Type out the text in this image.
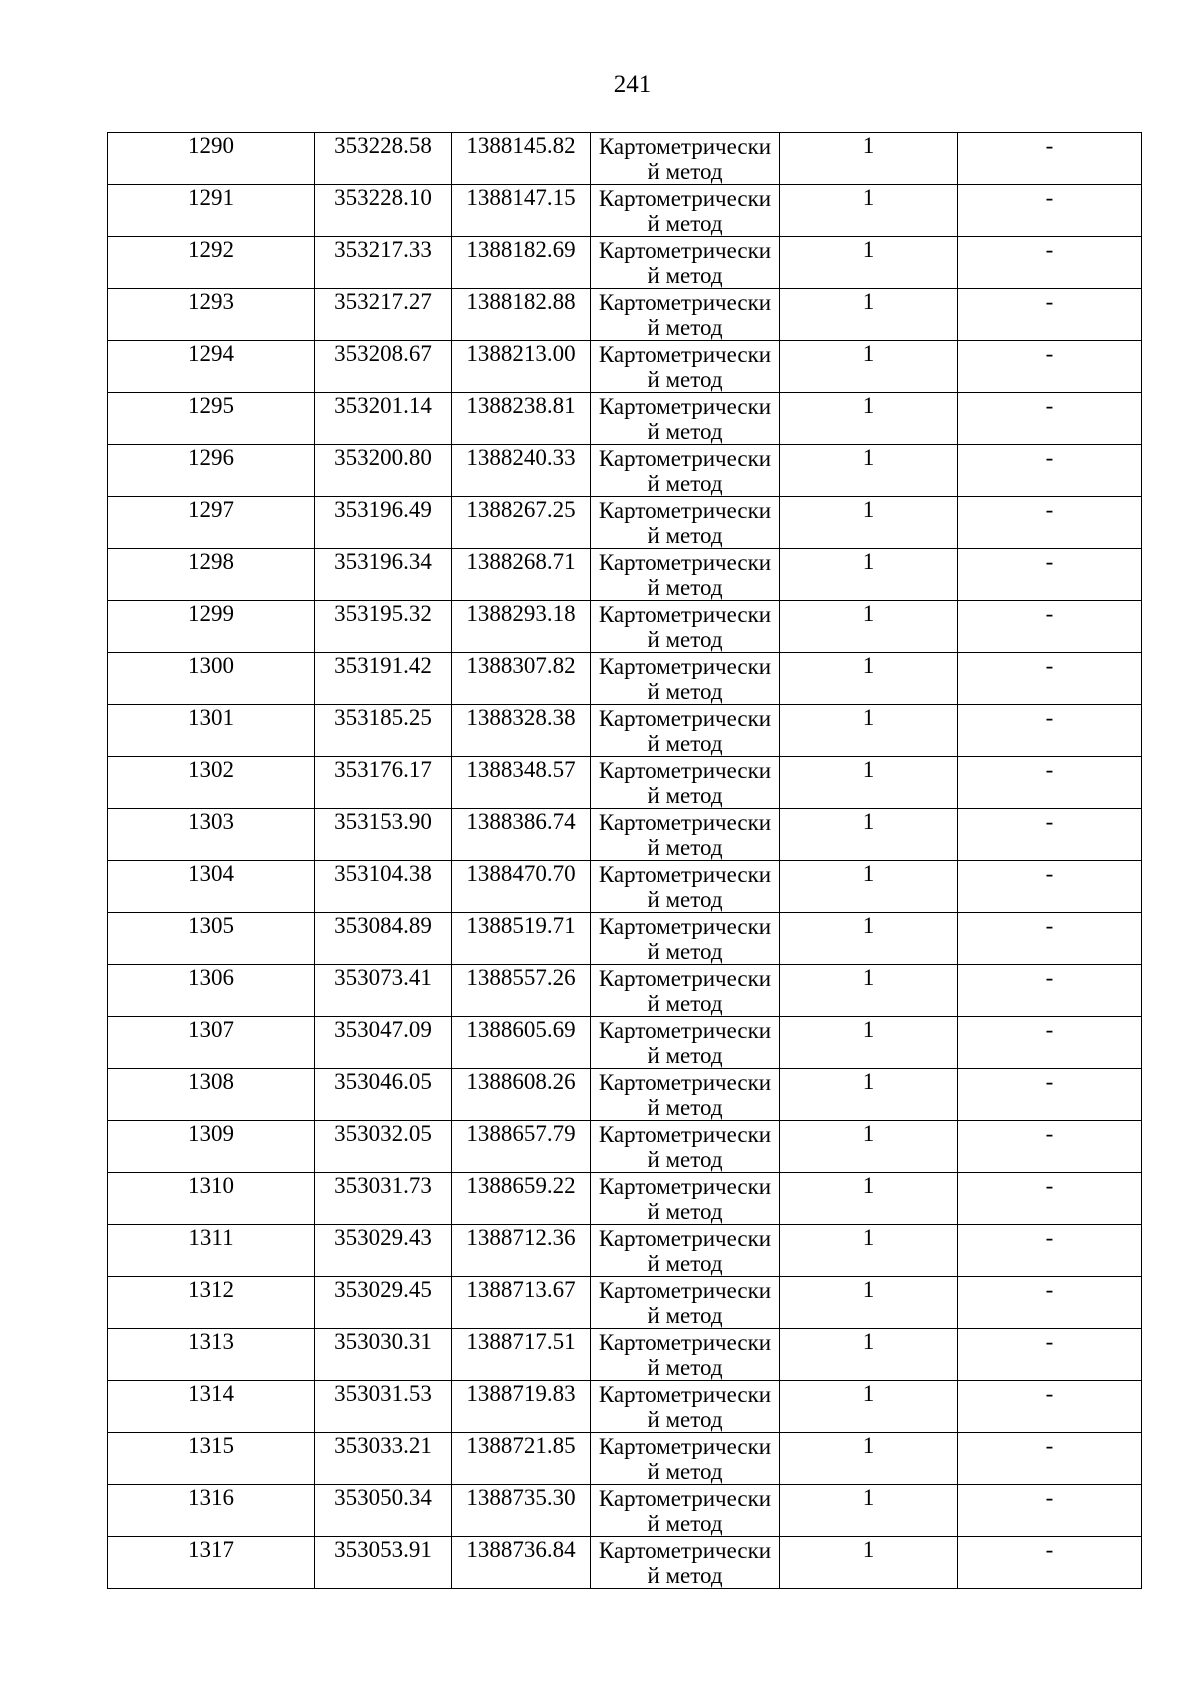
241
1290	353228.58	1388145.82	Картометрически й метод	1	-

1291	353228.10	1388147.15	Картометрически й метод	1	-

1292	353217.33	1388182.69	Картометрически й метод	1	-

1293	353217.27	1388182.88	Картометрически й метод	1	-

1294	353208.67	1388213.00	Картометрически й метод	1	-

1295	353201.14	1388238.81	Картометрически й метод	1	-

1296	353200.80	1388240.33	Картометрически й метод	1	-

1297	353196.49	1388267.25	Картометрически й метод	1	-

1298	353196.34	1388268.71	Картометрически й метод	1	-

1299	353195.32	1388293.18	Картометрически й метод	1	-

1300	353191.42	1388307.82	Картометрически й метод	1	-

1301	353185.25	1388328.38	Картометрически й метод	1	-

1302	353176.17	1388348.57	Картометрически й метод	1	-

1303	353153.90	1388386.74	Картометрически й метод	1	-

1304	353104.38	1388470.70	Картометрически й метод	1	-

1305	353084.89	1388519.71	Картометрически й метод	1	-

1306	353073.41	1388557.26	Картометрически й метод	1	-

1307	353047.09	1388605.69	Картометрически й метод	1	-

1308	353046.05	1388608.26	Картометрически й метод	1	-

1309	353032.05	1388657.79	Картометрически й метод	1	-

1310	353031.73	1388659.22	Картометрически й метод	1	-

1311	353029.43	1388712.36	Картометрически й метод	1	-

1312	353029.45	1388713.67	Картометрически й метод	1	-

1313	353030.31	1388717.51	Картометрически й метод	1	-

1314	353031.53	1388719.83	Картометрически й метод	1	-

1315	353033.21	1388721.85	Картометрически й метод	1	-

1316	353050.34	1388735.30	Картометрически й метод	1	-

1317	353053.91	1388736.84	Картометрически й метод	1	-
